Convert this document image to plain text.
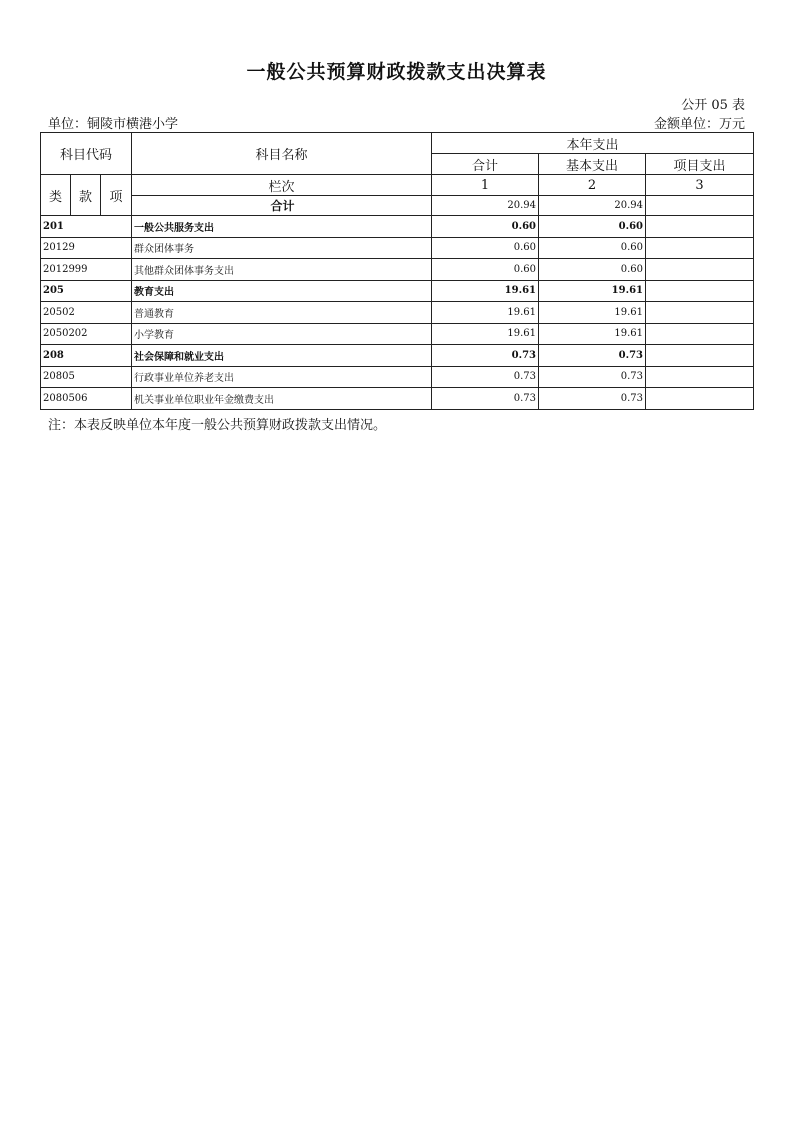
一般公共预算财政拨款支出决算表
公开 05 表
单位：铜陵市横港小学	金额单位：万元
科目代码			科目名称	本年支出		
				合计	基本支出	项目支出
类	款	项	栏次	1	2	3
			合计	20.94	20.94	
201			一般公共服务支出	0.60	0.60	
20129			群众团体事务	0.60	0.60	
2012999			其他群众团体事务支出	0.60	0.60	
205			教育支出	19.61	19.61	
20502			普通教育	19.61	19.61	
2050202			小学教育	19.61	19.61	
208			社会保障和就业支出	0.73	0.73	
20805			行政事业单位养老支出	0.73	0.73	
2080506			机关事业单位职业年金缴费支出	0.73	0.73	
注：本表反映单位本年度一般公共预算财政拨款支出情况。
